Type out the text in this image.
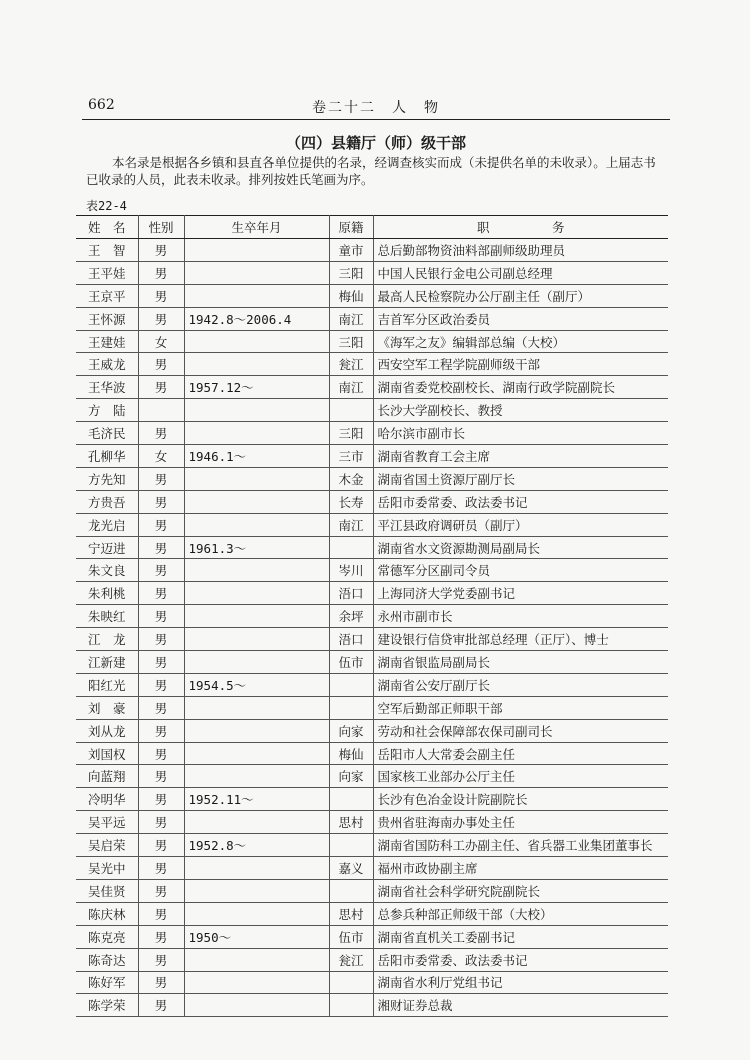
662	卷二十二　人　物
（四）县籍厅（师）级干部

本名录是根据各乡镇和县直各单位提供的名录，经调查核实而成（未提供名单的未收录）。上届志书已收录的人员，此表未收录。排列按姓氏笔画为序。

表22-4
姓　名	性别	生卒年月	原籍	职　　　　　务
王　智	男		童市	总后勤部物资油料部副师级助理员
王平娃	男		三阳	中国人民银行金电公司副总经理
王京平	男		梅仙	最高人民检察院办公厅副主任（副厅）
王怀源	男	1942.8～2006.4	南江	吉首军分区政治委员
王建娃	女		三阳	《海军之友》编辑部总编（大校）
王威龙	男		瓮江	西安空军工程学院副师级干部
王华波	男	1957.12～	南江	湖南省委党校副校长、湖南行政学院副院长
方　陆				长沙大学副校长、教授
毛济民	男		三阳	哈尔滨市副市长
孔柳华	女	1946.1～	三市	湖南省教育工会主席
方先知	男		木金	湖南省国土资源厅副厅长
方贵吾	男		长寿	岳阳市委常委、政法委书记
龙光启	男		南江	平江县政府调研员（副厅）
宁迈进	男	1961.3～		湖南省水文资源勘测局副局长
朱文良	男		岑川	常德军分区副司令员
朱利桃	男		浯口	上海同济大学党委副书记
朱映红	男		余坪	永州市副市长
江　龙	男		浯口	建设银行信贷审批部总经理（正厅）、博士
江新建	男		伍市	湖南省银监局副局长
阳红光	男	1954.5～		湖南省公安厅副厅长
刘　豪	男			空军后勤部正师职干部
刘从龙	男		向家	劳动和社会保障部农保司副司长
刘国权	男		梅仙	岳阳市人大常委会副主任
向蓝翔	男		向家	国家核工业部办公厅主任
冷明华	男	1952.11～		长沙有色冶金设计院副院长
吴平远	男		思村	贵州省驻海南办事处主任
吴启荣	男	1952.8～		湖南省国防科工办副主任、省兵器工业集团董事长
吴光中	男		嘉义	福州市政协副主席
吴佳贤	男			湖南省社会科学研究院副院长
陈庆林	男		思村	总参兵种部正师级干部（大校）
陈克亮	男	1950～	伍市	湖南省直机关工委副书记
陈奇达	男		瓮江	岳阳市委常委、政法委书记
陈好军	男			湖南省水利厅党组书记
陈学荣	男			湘财证券总裁
